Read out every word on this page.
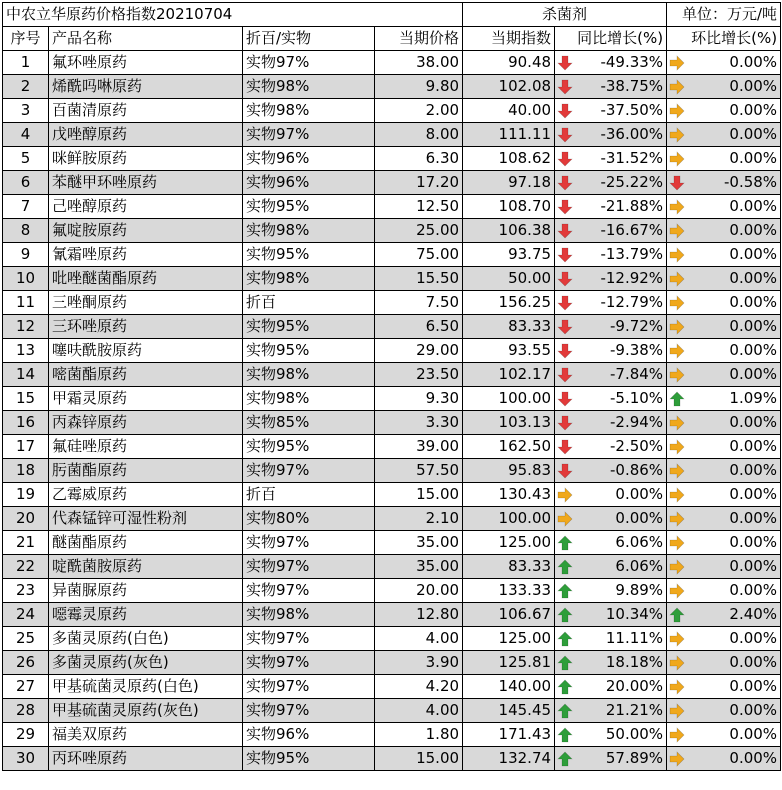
中农立华原药价格指数20210704				杀菌剂		单位：万元/吨
序号	产品名称	折百/实物	当期价格	当期指数	同比增长(%)	环比增长(%)
1	氟环唑原药	实物97%	38.00	90.48	-49.33%	0.00%
2	烯酰吗啉原药	实物98%	9.80	102.08	-38.75%	0.00%
3	百菌清原药	实物98%	2.00	40.00	-37.50%	0.00%
4	戊唑醇原药	实物97%	8.00	111.11	-36.00%	0.00%
5	咪鲜胺原药	实物96%	6.30	108.62	-31.52%	0.00%
6	苯醚甲环唑原药	实物96%	17.20	97.18	-25.22%	-0.58%
7	己唑醇原药	实物95%	12.50	108.70	-21.88%	0.00%
8	氟啶胺原药	实物98%	25.00	106.38	-16.67%	0.00%
9	氰霜唑原药	实物95%	75.00	93.75	-13.79%	0.00%
10	吡唑醚菌酯原药	实物98%	15.50	50.00	-12.92%	0.00%
11	三唑酮原药	折百	7.50	156.25	-12.79%	0.00%
12	三环唑原药	实物95%	6.50	83.33	-9.72%	0.00%
13	噻呋酰胺原药	实物95%	29.00	93.55	-9.38%	0.00%
14	嘧菌酯原药	实物98%	23.50	102.17	-7.84%	0.00%
15	甲霜灵原药	实物98%	9.30	100.00	-5.10%	1.09%
16	丙森锌原药	实物85%	3.30	103.13	-2.94%	0.00%
17	氟硅唑原药	实物95%	39.00	162.50	-2.50%	0.00%
18	肟菌酯原药	实物97%	57.50	95.83	-0.86%	0.00%
19	乙霉威原药	折百	15.00	130.43	0.00%	0.00%
20	代森锰锌可湿性粉剂	实物80%	2.10	100.00	0.00%	0.00%
21	醚菌酯原药	实物97%	35.00	125.00	6.06%	0.00%
22	啶酰菌胺原药	实物97%	35.00	83.33	6.06%	0.00%
23	异菌脲原药	实物97%	20.00	133.33	9.89%	0.00%
24	噁霉灵原药	实物98%	12.80	106.67	10.34%	2.40%
25	多菌灵原药(白色)	实物97%	4.00	125.00	11.11%	0.00%
26	多菌灵原药(灰色)	实物97%	3.90	125.81	18.18%	0.00%
27	甲基硫菌灵原药(白色)	实物97%	4.20	140.00	20.00%	0.00%
28	甲基硫菌灵原药(灰色)	实物97%	4.00	145.45	21.21%	0.00%
29	福美双原药	实物96%	1.80	171.43	50.00%	0.00%
30	丙环唑原药	实物95%	15.00	132.74	57.89%	0.00%
